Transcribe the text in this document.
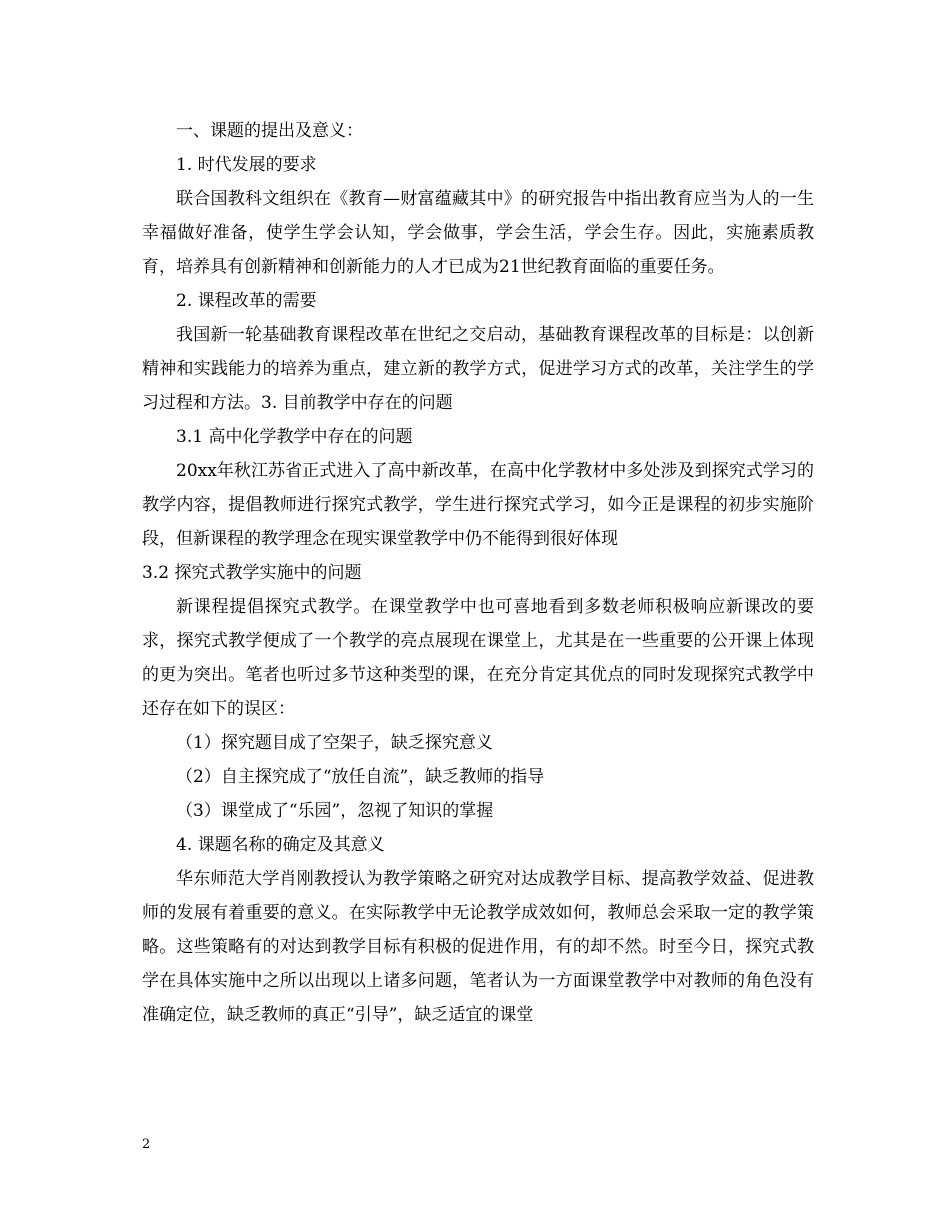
一、课题的提出及意义：

1. 时代发展的要求

联合国教科文组织在《教育—财富蕴藏其中》的研究报告中指出教育应当为人的一生幸福做好准备，使学生学会认知，学会做事，学会生活，学会生存。因此，实施素质教育，培养具有创新精神和创新能力的人才已成为21世纪教育面临的重要任务。

2. 课程改革的需要

我国新一轮基础教育课程改革在世纪之交启动，基础教育课程改革的目标是：以创新精神和实践能力的培养为重点，建立新的教学方式，促进学习方式的改革，关注学生的学习过程和方法。3. 目前教学中存在的问题

3.1 高中化学教学中存在的问题

20xx年秋江苏省正式进入了高中新改革，在高中化学教材中多处涉及到探究式学习的教学内容，提倡教师进行探究式教学，学生进行探究式学习，如今正是课程的初步实施阶段，但新课程的教学理念在现实课堂教学中仍不能得到很好体现

3.2 探究式教学实施中的问题

新课程提倡探究式教学。在课堂教学中也可喜地看到多数老师积极响应新课改的要求，探究式教学便成了一个教学的亮点展现在课堂上，尤其是在一些重要的公开课上体现的更为突出。笔者也听过多节这种类型的课，在充分肯定其优点的同时发现探究式教学中还存在如下的误区：

（1）探究题目成了空架子，缺乏探究意义

（2）自主探究成了“放任自流”，缺乏教师的指导

（3）课堂成了“乐园”，忽视了知识的掌握

4. 课题名称的确定及其意义

华东师范大学肖刚教授认为教学策略之研究对达成教学目标、提高教学效益、促进教师的发展有着重要的意义。在实际教学中无论教学成效如何，教师总会采取一定的教学策略。这些策略有的对达到教学目标有积极的促进作用，有的却不然。时至今日，探究式教学在具体实施中之所以出现以上诸多问题，笔者认为一方面课堂教学中对教师的角色没有准确定位，缺乏教师的真正“引导”，缺乏适宜的课堂

2
